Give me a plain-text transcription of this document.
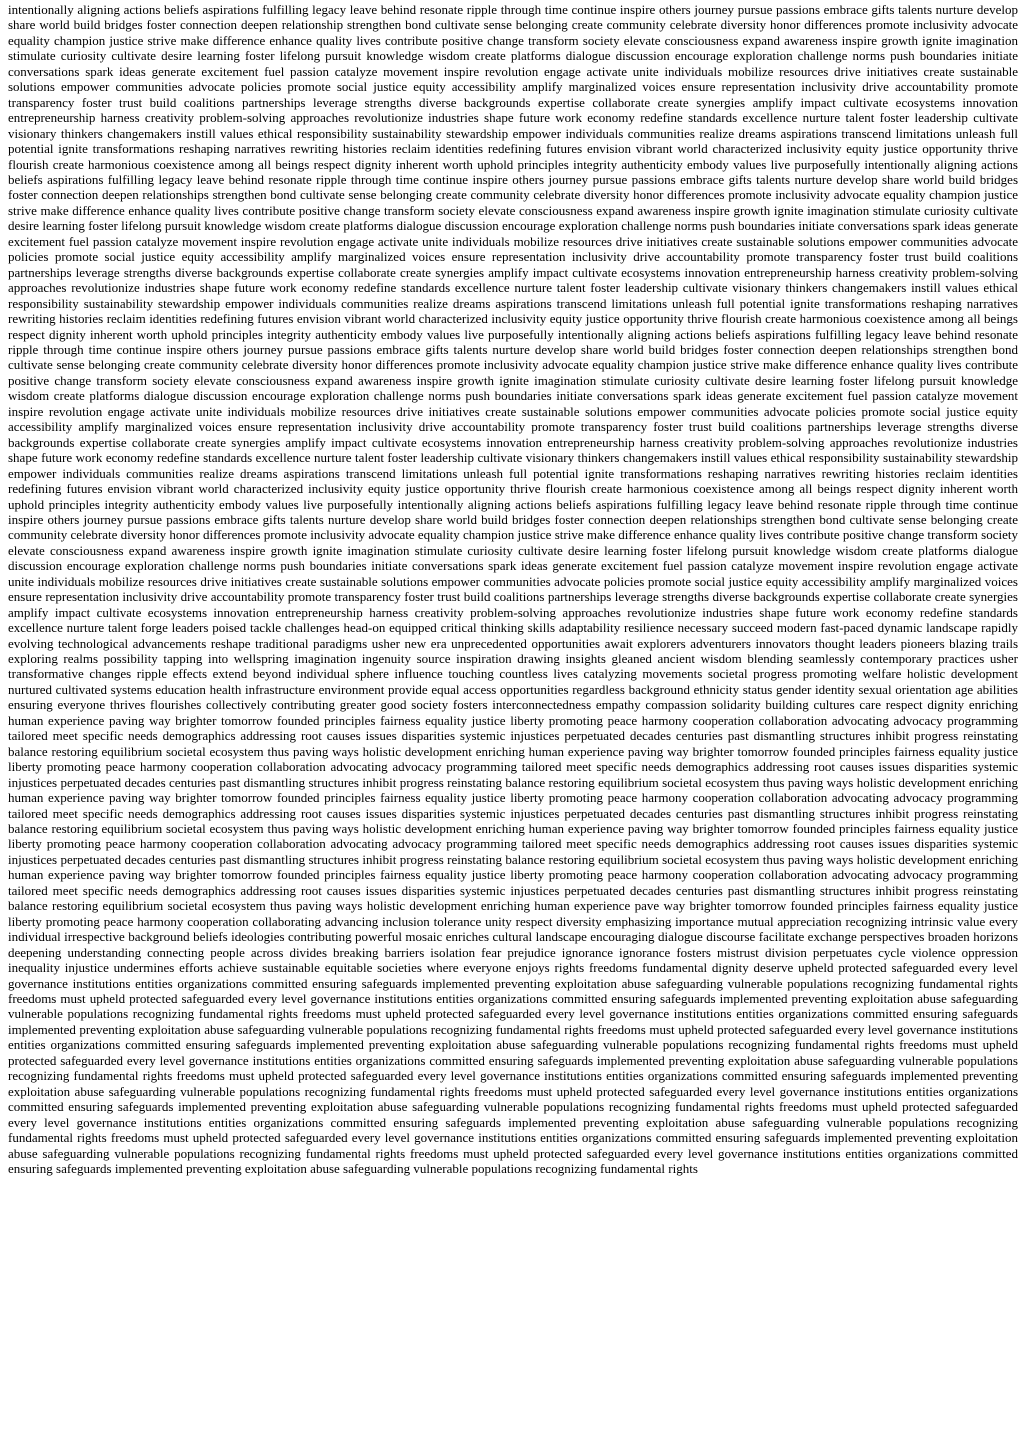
intentionally aligning actions beliefs aspirations fulfilling legacy leave behind resonate ripple through time continue inspire others journey pursue passions embrace gifts talents nurture develop share world build bridges foster connection deepen relationship strengthen bond cultivate sense belonging create community celebrate diversity honor differences promote inclusivity advocate equality champion justice strive make difference enhance quality lives contribute positive change transform society elevate consciousness expand awareness inspire growth ignite imagination stimulate curiosity cultivate desire learning foster lifelong pursuit knowledge wisdom create platforms dialogue discussion encourage exploration challenge norms push boundaries initiate conversations spark ideas generate excitement fuel passion catalyze movement inspire revolution engage activate unite individuals mobilize resources drive initiatives create sustainable solutions empower communities advocate policies promote social justice equity accessibility amplify marginalized voices ensure representation inclusivity drive accountability promote transparency foster trust build coalitions partnerships leverage strengths diverse backgrounds expertise collaborate create synergies amplify impact cultivate ecosystems innovation entrepreneurship harness creativity problem-solving approaches revolutionize industries shape future work economy redefine standards excellence nurture talent foster leadership cultivate visionary thinkers changemakers instill values ethical responsibility sustainability stewardship empower individuals communities realize dreams aspirations transcend limitations unleash full potential ignite transformations reshaping narratives rewriting histories reclaim identities redefining futures envision vibrant world characterized inclusivity equity justice opportunity thrive flourish create harmonious coexistence among all beings respect dignity inherent worth uphold principles integrity authenticity embody values live purposefully intentionally aligning actions beliefs aspirations fulfilling legacy leave behind resonate ripple through time continue inspire others journey pursue passions embrace gifts talents nurture develop share world build bridges foster connection deepen relationships strengthen bond cultivate sense belonging create community celebrate diversity honor differences promote inclusivity advocate equality champion justice strive make difference enhance quality lives contribute positive change transform society elevate consciousness expand awareness inspire growth ignite imagination stimulate curiosity cultivate desire learning foster lifelong pursuit knowledge wisdom create platforms dialogue discussion encourage exploration challenge norms push boundaries initiate conversations spark ideas generate excitement fuel passion catalyze movement inspire revolution engage activate unite individuals mobilize resources drive initiatives create sustainable solutions empower communities advocate policies promote social justice equity accessibility amplify marginalized voices ensure representation inclusivity drive accountability promote transparency foster trust build coalitions partnerships leverage strengths diverse backgrounds expertise collaborate create synergies amplify impact cultivate ecosystems innovation entrepreneurship harness creativity problem-solving approaches revolutionize industries shape future work economy redefine standards excellence nurture talent foster leadership cultivate visionary thinkers changemakers instill values ethical responsibility sustainability stewardship empower individuals communities realize dreams aspirations transcend limitations unleash full potential ignite transformations reshaping narratives rewriting histories reclaim identities redefining futures envision vibrant world characterized inclusivity equity justice opportunity thrive flourish create harmonious coexistence among all beings respect dignity inherent worth uphold principles integrity authenticity embody values live purposefully intentionally aligning actions beliefs aspirations fulfilling legacy leave behind resonate ripple through time continue inspire others journey pursue passions embrace gifts talents nurture develop share world build bridges foster connection deepen relationships strengthen bond cultivate sense belonging create community celebrate diversity honor differences promote inclusivity advocate equality champion justice strive make difference enhance quality lives contribute positive change transform society elevate consciousness expand awareness inspire growth ignite imagination stimulate curiosity cultivate desire learning foster lifelong pursuit knowledge wisdom create platforms dialogue discussion encourage exploration challenge norms push boundaries initiate conversations spark ideas generate excitement fuel passion catalyze movement inspire revolution engage activate unite individuals mobilize resources drive initiatives create sustainable solutions empower communities advocate policies promote social justice equity accessibility amplify marginalized voices ensure representation inclusivity drive accountability promote transparency foster trust build coalitions partnerships leverage strengths diverse backgrounds expertise collaborate create synergies amplify impact cultivate ecosystems innovation entrepreneurship harness creativity problem-solving approaches revolutionize industries shape future work economy redefine standards excellence nurture talent foster leadership cultivate visionary thinkers changemakers instill values ethical responsibility sustainability stewardship empower individuals communities realize dreams aspirations transcend limitations unleash full potential ignite transformations reshaping narratives rewriting histories reclaim identities redefining futures envision vibrant world characterized inclusivity equity justice opportunity thrive flourish create harmonious coexistence among all beings respect dignity inherent worth uphold principles integrity authenticity embody values live purposefully intentionally aligning actions beliefs aspirations fulfilling legacy leave behind resonate ripple through time continue inspire others journey pursue passions embrace gifts talents nurture develop share world build bridges foster connection deepen relationships strengthen bond cultivate sense belonging create community celebrate diversity honor differences promote inclusivity advocate equality champion justice strive make difference enhance quality lives contribute positive change transform society elevate consciousness expand awareness inspire growth ignite imagination stimulate curiosity cultivate desire learning foster lifelong pursuit knowledge wisdom create platforms dialogue discussion encourage exploration challenge norms push boundaries initiate conversations spark ideas generate excitement fuel passion catalyze movement inspire revolution engage activate unite individuals mobilize resources drive initiatives create sustainable solutions empower communities advocate policies promote social justice equity accessibility amplify marginalized voices ensure representation inclusivity drive accountability promote transparency foster trust build coalitions partnerships leverage strengths diverse backgrounds expertise collaborate create synergies amplify impact cultivate ecosystems innovation entrepreneurship harness creativity problem-solving approaches revolutionize industries shape future work economy redefine standards excellence nurture talent forge leaders poised tackle challenges head-on equipped critical thinking skills adaptability resilience necessary succeed modern fast-paced dynamic landscape rapidly evolving technological advancements reshape traditional paradigms usher new era unprecedented opportunities await explorers adventurers innovators thought leaders pioneers blazing trails exploring realms possibility tapping into wellspring imagination ingenuity source inspiration drawing insights gleaned ancient wisdom blending seamlessly contemporary practices usher transformative changes ripple effects extend beyond individual sphere influence touching countless lives catalyzing movements societal progress promoting welfare holistic development nurtured cultivated systems education health infrastructure environment provide equal access opportunities regardless background ethnicity status gender identity sexual orientation age abilities ensuring everyone thrives flourishes collectively contributing greater good society fosters interconnectedness empathy compassion solidarity building cultures care respect dignity enriching human experience paving way brighter tomorrow founded principles fairness equality justice liberty promoting peace harmony cooperation collaboration advocating advocacy programming tailored meet specific needs demographics addressing root causes issues disparities systemic injustices perpetuated decades centuries past dismantling structures inhibit progress reinstating balance restoring equilibrium societal ecosystem thus paving ways holistic development enriching human experience paving way brighter tomorrow founded principles fairness equality justice liberty promoting peace harmony cooperation collaboration advocating advocacy programming tailored meet specific needs demographics addressing root causes issues disparities systemic injustices perpetuated decades centuries past dismantling structures inhibit progress reinstating balance restoring equilibrium societal ecosystem thus paving ways holistic development enriching human experience paving way brighter tomorrow founded principles fairness equality justice liberty promoting peace harmony cooperation collaboration advocating advocacy programming tailored meet specific needs demographics addressing root causes issues disparities systemic injustices perpetuated decades centuries past dismantling structures inhibit progress reinstating balance restoring equilibrium societal ecosystem thus paving ways holistic development enriching human experience paving way brighter tomorrow founded principles fairness equality justice liberty promoting peace harmony cooperation collaboration advocating advocacy programming tailored meet specific needs demographics addressing root causes issues disparities systemic injustices perpetuated decades centuries past dismantling structures inhibit progress reinstating balance restoring equilibrium societal ecosystem thus paving ways holistic development enriching human experience paving way brighter tomorrow founded principles fairness equality justice liberty promoting peace harmony cooperation collaboration advocating advocacy programming tailored meet specific needs demographics addressing root causes issues disparities systemic injustices perpetuated decades centuries past dismantling structures inhibit progress reinstating balance restoring equilibrium societal ecosystem thus paving ways holistic development enriching human experience pave way brighter tomorrow founded principles fairness equality justice liberty promoting peace harmony cooperation collaborating advancing inclusion tolerance unity respect diversity emphasizing importance mutual appreciation recognizing intrinsic value every individual irrespective background beliefs ideologies contributing powerful mosaic enriches cultural landscape encouraging dialogue discourse facilitate exchange perspectives broaden horizons deepening understanding connecting people across divides breaking barriers isolation fear prejudice ignorance ignorance fosters mistrust division perpetuates cycle violence oppression inequality injustice undermines efforts achieve sustainable equitable societies where everyone enjoys rights freedoms fundamental dignity deserve upheld protected safeguarded every level governance institutions entities organizations committed ensuring safeguards implemented preventing exploitation abuse safeguarding vulnerable populations recognizing fundamental rights freedoms must upheld protected safeguarded every level governance institutions entities organizations committed ensuring safeguards implemented preventing exploitation abuse safeguarding vulnerable populations recognizing fundamental rights freedoms must upheld protected safeguarded every level governance institutions entities organizations committed ensuring safeguards implemented preventing exploitation abuse safeguarding vulnerable populations recognizing fundamental rights freedoms must upheld protected safeguarded every level governance institutions entities organizations committed ensuring safeguards implemented preventing exploitation abuse safeguarding vulnerable populations recognizing fundamental rights freedoms must upheld protected safeguarded every level governance institutions entities organizations committed ensuring safeguards implemented preventing exploitation abuse safeguarding vulnerable populations recognizing fundamental rights freedoms must upheld protected safeguarded every level governance institutions entities organizations committed ensuring safeguards implemented preventing exploitation abuse safeguarding vulnerable populations recognizing fundamental rights freedoms must upheld protected safeguarded every level governance institutions entities organizations committed ensuring safeguards implemented preventing exploitation abuse safeguarding vulnerable populations recognizing fundamental rights freedoms must upheld protected safeguarded every level governance institutions entities organizations committed ensuring safeguards implemented preventing exploitation abuse safeguarding vulnerable populations recognizing fundamental rights freedoms must upheld protected safeguarded every level governance institutions entities organizations committed ensuring safeguards implemented preventing exploitation abuse safeguarding vulnerable populations recognizing fundamental rights freedoms must upheld protected safeguarded every level governance institutions entities organizations committed ensuring safeguards implemented preventing exploitation abuse safeguarding vulnerable populations recognizing fundamental rights
